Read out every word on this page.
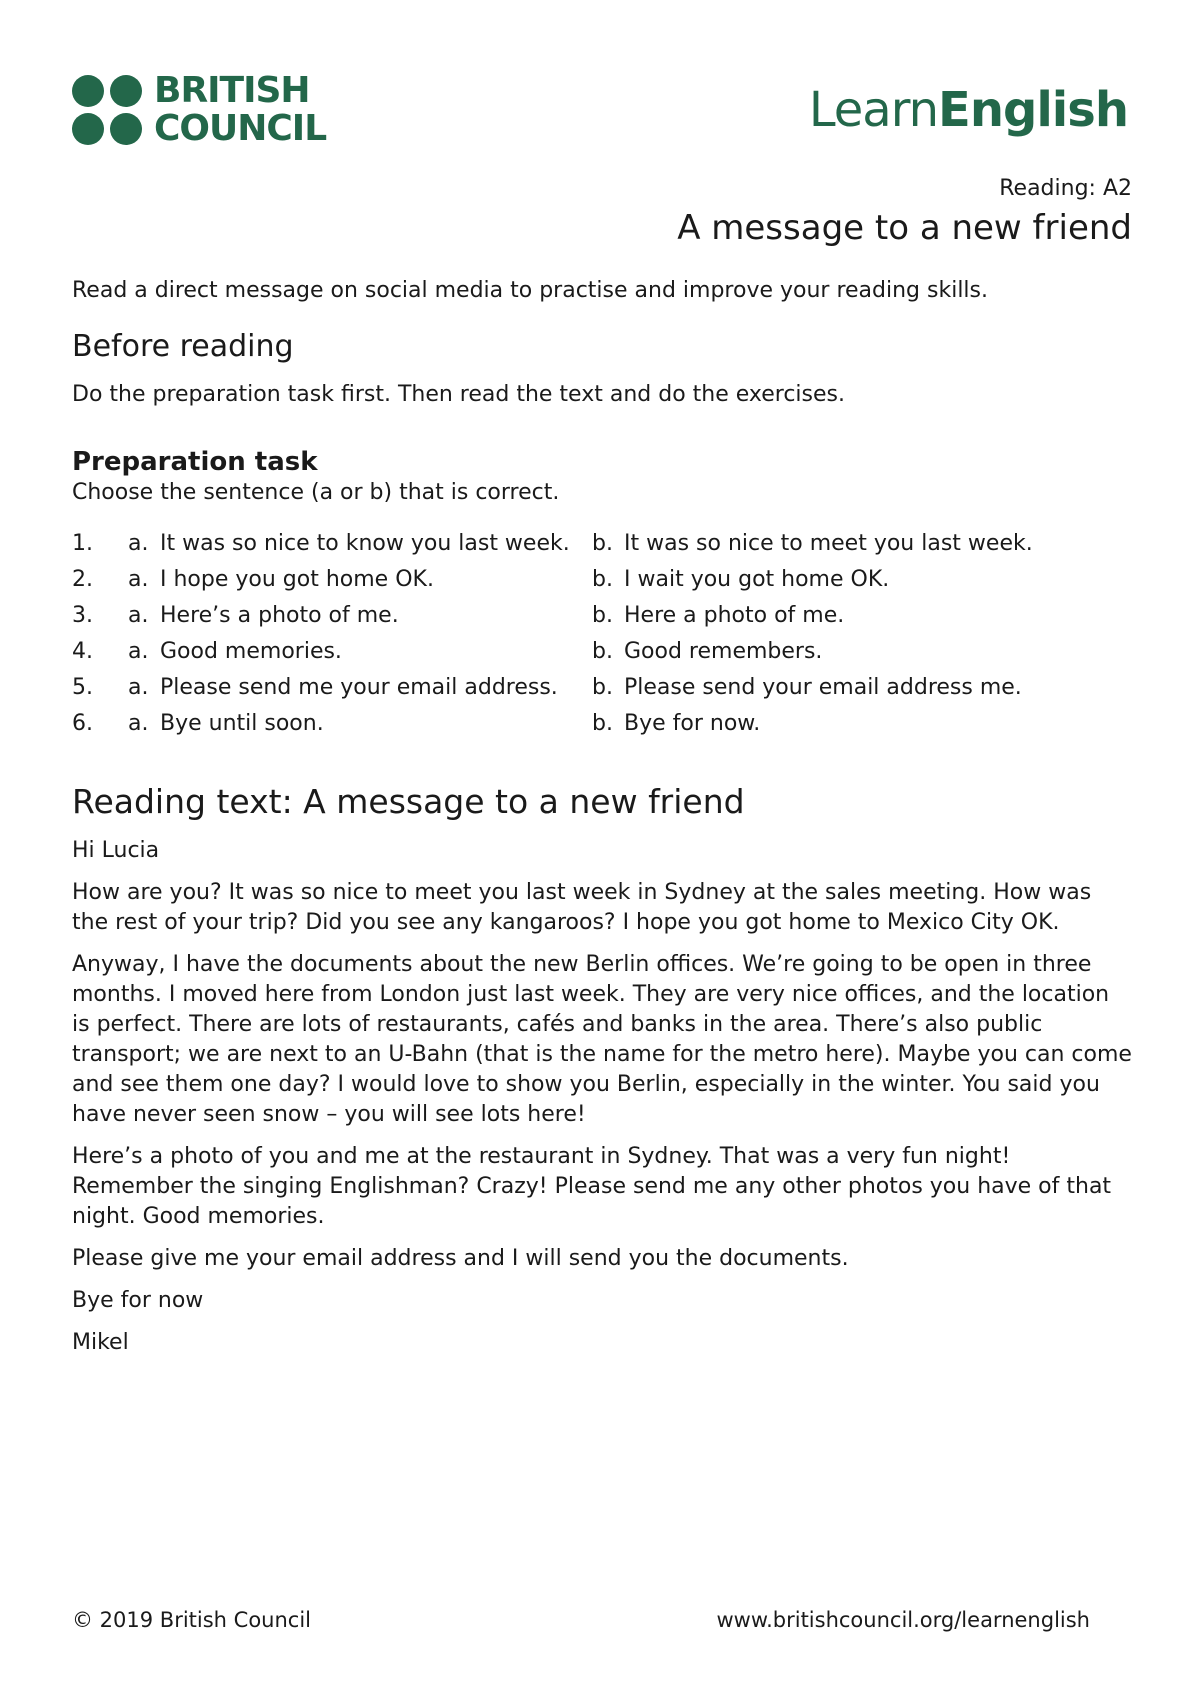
BRITISH
COUNCIL	LearnEnglish
Reading: A2
A message to a new friend

Read a direct message on social media to practise and improve your reading skills.

Before reading

Do the preparation task first. Then read the text and do the exercises.

Preparation task

Choose the sentence (a or b) that is correct.

1.	a. It was so nice to know you last week.	b. It was so nice to meet you last week.
2.	a. I hope you got home OK.	b. I wait you got home OK.
3.	a. Here’s a photo of me.	b. Here a photo of me.
4.	a. Good memories.	b. Good remembers.
5.	a. Please send me your email address.	b. Please send your email address me.
6.	a. Bye until soon.	b. Bye for now.
Reading text: A message to a new friend

Hi Lucia

How are you? It was so nice to meet you last week in Sydney at the sales meeting. How was the rest of your trip? Did you see any kangaroos? I hope you got home to Mexico City OK.

Anyway, I have the documents about the new Berlin offices. We’re going to be open in three months. I moved here from London just last week. They are very nice offices, and the location is perfect. There are lots of restaurants, cafés and banks in the area. There’s also public transport; we are next to an U-Bahn (that is the name for the metro here). Maybe you can come and see them one day? I would love to show you Berlin, especially in the winter. You said you have never seen snow – you will see lots here!

Here’s a photo of you and me at the restaurant in Sydney. That was a very fun night! Remember the singing Englishman? Crazy! Please send me any other photos you have of that night. Good memories.

Please give me your email address and I will send you the documents.

Bye for now

Mikel

© 2019 British Council	www.britishcouncil.org/learnenglish
